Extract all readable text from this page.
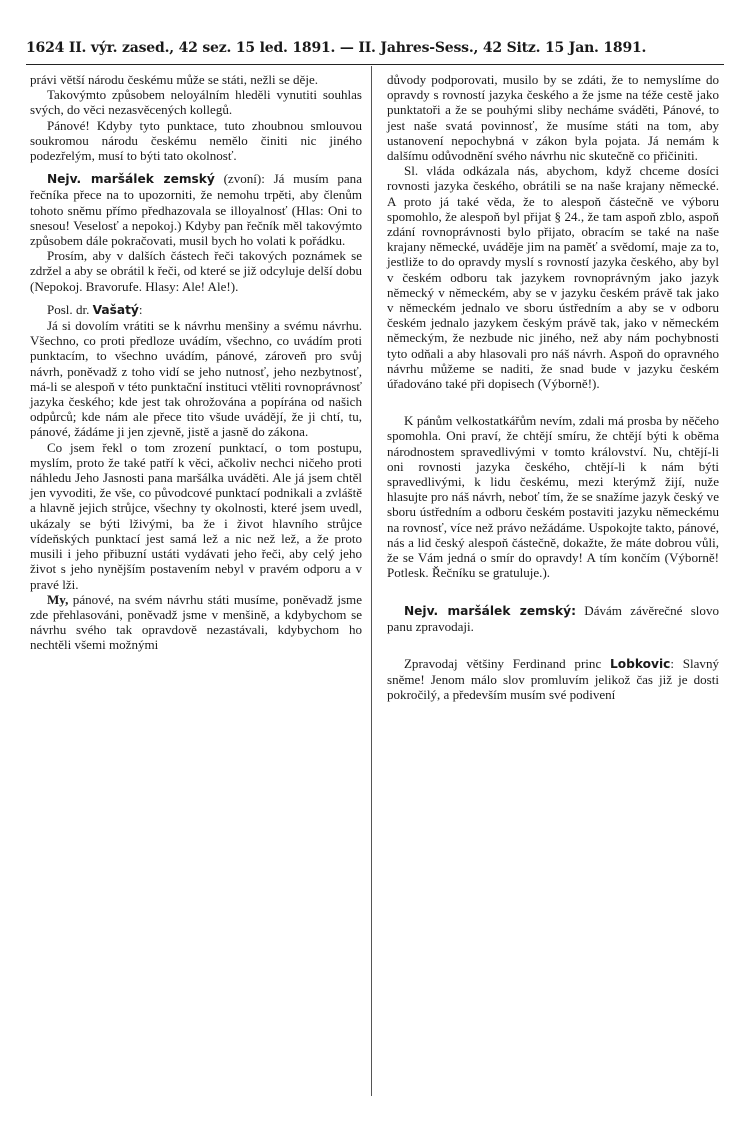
1624 II. výr. zased., 42 sez. 15 led. 1891. — II. Jahres-Sess., 42 Sitz. 15 Jan. 1891.

právi větší národu českému může se státi, nežli se děje.

Takovýmto způsobem neloyálním hleděli vynutiti souhlas svých, do věci nezasvěcených kollegů.

Pánové! Kdyby tyto punktace, tuto zhoubnou smlouvou soukromou národu českému nemělo činiti nic jiného podezřelým, musí to býti tato okolnosť.

Nejv. maršálek zemský (zvoní): Já musím pana řečníka přece na to upozorniti, že nemohu trpěti, aby členům tohoto sněmu přímo předhazovala se illoyalnosť (Hlas: Oni to snesou! Veselosť a nepokoj.) Kdyby pan řečník měl takovýmto způsobem dále pokračovati, musil bych ho volati k pořádku.

Prosím, aby v dalších částech řeči takových poznámek se zdržel a aby se obrátil k řeči, od které se již odcyluje delší dobu (Nepokoj. Bravorufe. Hlasy: Ale! Ale!).

Posl. dr. Vašatý:

Já si dovolím vrátiti se k návrhu menšiny a svému návrhu. Všechno, co proti předloze uvádím, všechno, co uvádím proti punktacím, to všechno uvádím, pánové, zároveň pro svůj návrh, poněvadž z toho vidí se jeho nutnosť, jeho nezbytnosť, má-li se alespoň v této punktační instituci vtěliti rovnoprávnosť jazyka českého; kde jest tak ohrožována a popírána od našich odpůrců; kde nám ale přece tito všude uvádějí, že ji chtí, tu, pánové, žádáme ji jen zjevně, jistě a jasně do zákona.

Co jsem řekl o tom zrození punktací, o tom postupu, myslím, proto že také patří k věci, ačkoliv nechci ničeho proti náhledu Jeho Jasnosti pana maršálka uváděti. Ale já jsem chtěl jen vyvoditi, že vše, co původcové punktací podnikali a zvláště a hlavně jejich strůjce, všechny ty okolnosti, které jsem uvedl, ukázaly se býti lživými, ba že i život hlavního strůjce vídeňských punktací jest samá lež a nic než lež, a že proto musili i jeho přibuzní ustáti vydávati jeho řeči, aby celý jeho život s jeho nynějším postavením nebyl v pravém odporu a v pravé lži.

My, pánové, na svém návrhu státi musíme, poněvadž jsme zde přehlasováni, poněvadž jsme v menšině, a kdybychom se návrhu svého tak opravdově nezastávali, kdybychom ho nechtěli všemi možnými

důvody podporovati, musilo by se zdáti, že to nemyslíme do opravdy s rovností jazyka českého a že jsme na téže cestě jako punktatoři a že se pouhými sliby necháme sváděti, Pánové, to jest naše svatá povinnosť, že musíme státi na tom, aby ustanovení nepochybná v zákon byla pojata. Já nemám k dalšímu odůvodnění svého návrhu nic skutečně co přičiniti.

Sl. vláda odkázala nás, abychom, když chceme dosíci rovnosti jazyka českého, obrátili se na naše krajany německé. A proto já také věda, že to alespoň částečně ve výboru spomohlo, že alespoň byl přijat § 24., že tam aspoň zblo, aspoň zdání rovnoprávnosti bylo přijato, obracím se také na naše krajany německé, uváděje jim na paměť a svědomí, maje za to, jestliže to do opravdy myslí s rovností jazyka českého, aby byl v českém odboru tak jazykem rovnoprávným jako jazyk německý v německém, aby se v jazyku českém právě tak jako v německém jednalo ve sboru ústředním a aby se v odboru českém jednalo jazykem českým právě tak, jako v německém německým, že nezbude nic jiného, než aby nám pochybnosti tyto odňali a aby hlasovali pro náš návrh. Aspoň do opravného návrhu můžeme se naditi, že snad bude v jazyku českém úřadováno také při dopisech (Výborně!).

K pánům velkostatkářům nevím, zdali má prosba by něčeho spomohla. Oni praví, že chtějí smíru, že chtějí býti k oběma národnostem spravedlivými v tomto království. Nu, chtějí-li oni rovnosti jazyka českého, chtějí-li k nám býti spravedlivými, k lidu českému, mezi kterýmž žijí, nuže hlasujte pro náš návrh, neboť tím, že se snažíme jazyk český ve sboru ústředním a odboru českém postaviti jazyku německému na rovnosť, více než právo nežádáme. Uspokojte takto, pánové, nás a lid český alespoň částečně, dokažte, že máte dobrou vůli, že se Vám jedná o smír do opravdy! A tím končím (Výborně! Potlesk. Řečníku se gratuluje.).

Nejv. maršálek zemský: Dávám závěrečné slovo panu zpravodaji.

Zpravodaj většiny Ferdinand princ Lobkovic: Slavný sněme! Jenom málo slov promluvím jelikož čas již je dosti pokročilý, a především musím své podivení
